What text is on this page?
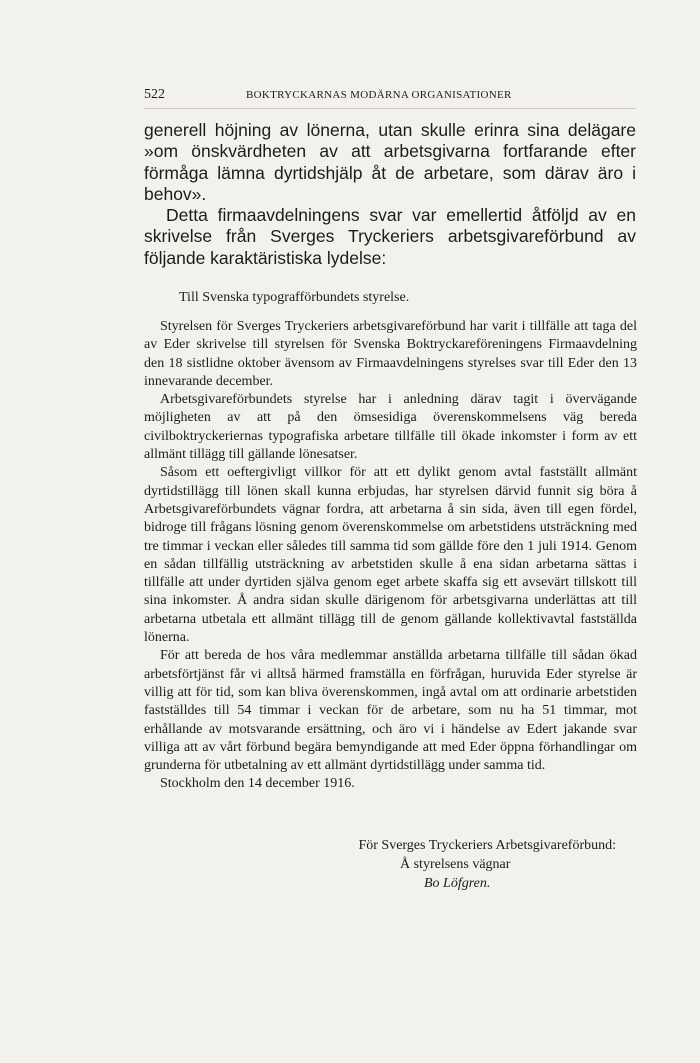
522	BOKTRYCKARNAS MODÄRNA ORGANISATIONER

generell höjning av lönerna, utan skulle erinra sina delägare »om önskvärdheten av att arbetsgivarna fortfarande efter förmåga lämna dyrtidshjälp åt de arbetare, som därav äro i behov».

Detta firmaavdelningens svar var emellertid åtföljd av en skrivelse från Sverges Tryckeriers arbetsgivareförbund av följande karaktäristiska lydelse:

Till Svenska typografförbundets styrelse.

Styrelsen för Sverges Tryckeriers arbetsgivareförbund har varit i tillfälle att taga del av Eder skrivelse till styrelsen för Svenska Boktryckareföreningens Firmaavdelning den 18 sistlidne oktober ävensom av Firmaavdelningens styrelses svar till Eder den 13 innevarande december.

Arbetsgivareförbundets styrelse har i anledning därav tagit i övervägande möjligheten av att på den ömsesidiga överenskommelsens väg bereda civilboktryckeriernas typografiska arbetare tillfälle till ökade inkomster i form av ett allmänt tillägg till gällande lönesatser.

Såsom ett oeftergivligt villkor för att ett dylikt genom avtal fastställt allmänt dyrtidstillägg till lönen skall kunna erbjudas, har styrelsen därvid funnit sig böra å Arbetsgivareförbundets vägnar fordra, att arbetarna å sin sida, även till egen fördel, bidroge till frågans lösning genom överenskommelse om arbetstidens utsträckning med tre timmar i veckan eller således till samma tid som gällde före den 1 juli 1914. Genom en sådan tillfällig utsträckning av arbetstiden skulle å ena sidan arbetarna sättas i tillfälle att under dyrtiden själva genom eget arbete skaffa sig ett avsevärt tillskott till sina inkomster. Å andra sidan skulle därigenom för arbetsgivarna underlättas att till arbetarna utbetala ett allmänt tillägg till de genom gällande kollektivavtal fastställda lönerna.

För att bereda de hos våra medlemmar anställda arbetarna tillfälle till sådan ökad arbetsförtjänst får vi alltså härmed framställa en förfrågan, huruvida Eder styrelse är villig att för tid, som kan bliva överenskommen, ingå avtal om att ordinarie arbetstiden fastställdes till 54 timmar i veckan för de arbetare, som nu ha 51 timmar, mot erhållande av motsvarande ersättning, och äro vi i händelse av Edert jakande svar villiga att av vårt förbund begära bemyndigande att med Eder öppna förhandlingar om grunderna för utbetalning av ett allmänt dyrtidstillägg under samma tid.

Stockholm den 14 december 1916.

För Sverges Tryckeriers Arbetsgivareförbund:
Å styrelsens vägnar
Bo Löfgren.
